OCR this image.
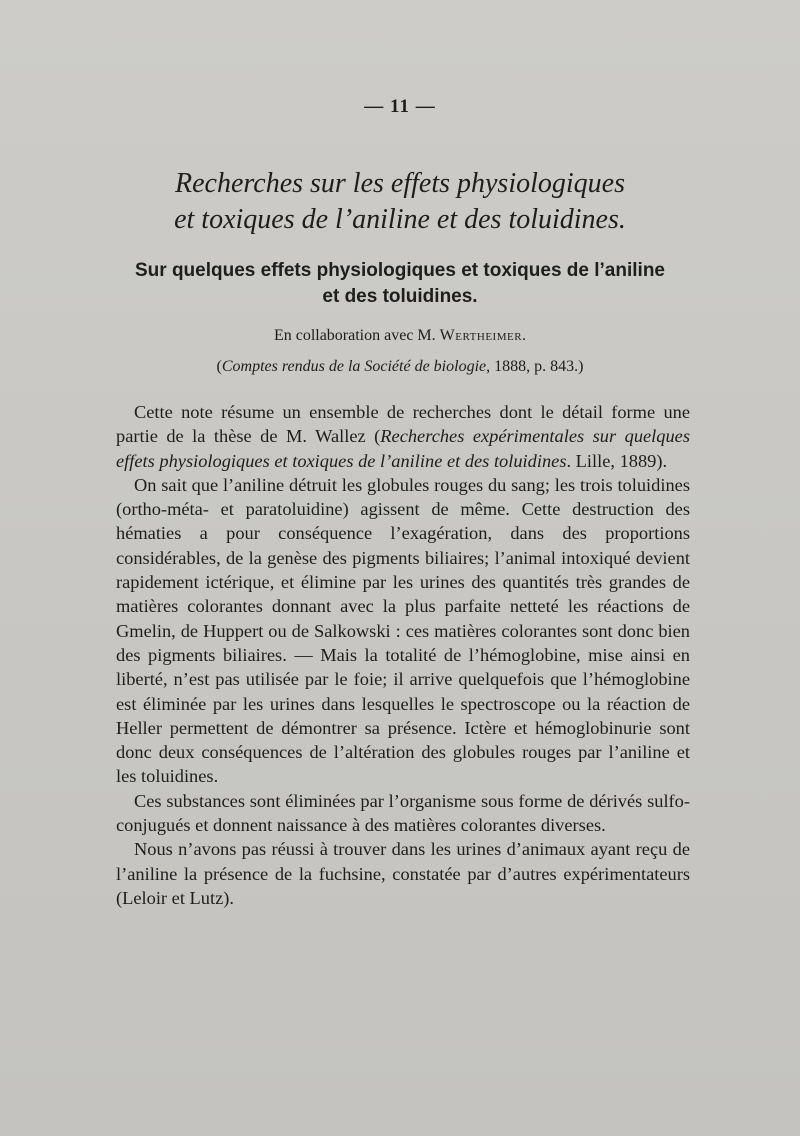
— 11 —
Recherches sur les effets physiologiques
et toxiques de l’aniline et des toluidines.
Sur quelques effets physiologiques et toxiques de l’aniline
et des toluidines.
En collaboration avec M. Wertheimer.
(Comptes rendus de la Société de biologie, 1888, p. 843.)

Cette note résume un ensemble de recherches dont le détail forme une partie de la thèse de M. Wallez (Recherches expérimentales sur quelques effets physiologiques et toxiques de l’aniline et des toluidines. Lille, 1889).

On sait que l’aniline détruit les globules rouges du sang; les trois toluidines (ortho-méta- et paratoluidine) agissent de même. Cette destruction des hématies a pour conséquence l’exagération, dans des proportions considérables, de la genèse des pigments biliaires; l’animal intoxiqué devient rapidement ictérique, et élimine par les urines des quantités très grandes de matières colorantes donnant avec la plus parfaite netteté les réactions de Gmelin, de Huppert ou de Salkowski : ces matières colorantes sont donc bien des pigments biliaires. — Mais la totalité de l’hémoglobine, mise ainsi en liberté, n’est pas utilisée par le foie; il arrive quelquefois que l’hémoglobine est éliminée par les urines dans lesquelles le spectroscope ou la réaction de Heller permettent de démontrer sa présence. Ictère et hémoglobinurie sont donc deux conséquences de l’altération des globules rouges par l’aniline et les toluidines.

Ces substances sont éliminées par l’organisme sous forme de dérivés sulfo-conjugués et donnent naissance à des matières colorantes diverses.

Nous n’avons pas réussi à trouver dans les urines d’animaux ayant reçu de l’aniline la présence de la fuchsine, constatée par d’autres expérimentateurs (Leloir et Lutz).
